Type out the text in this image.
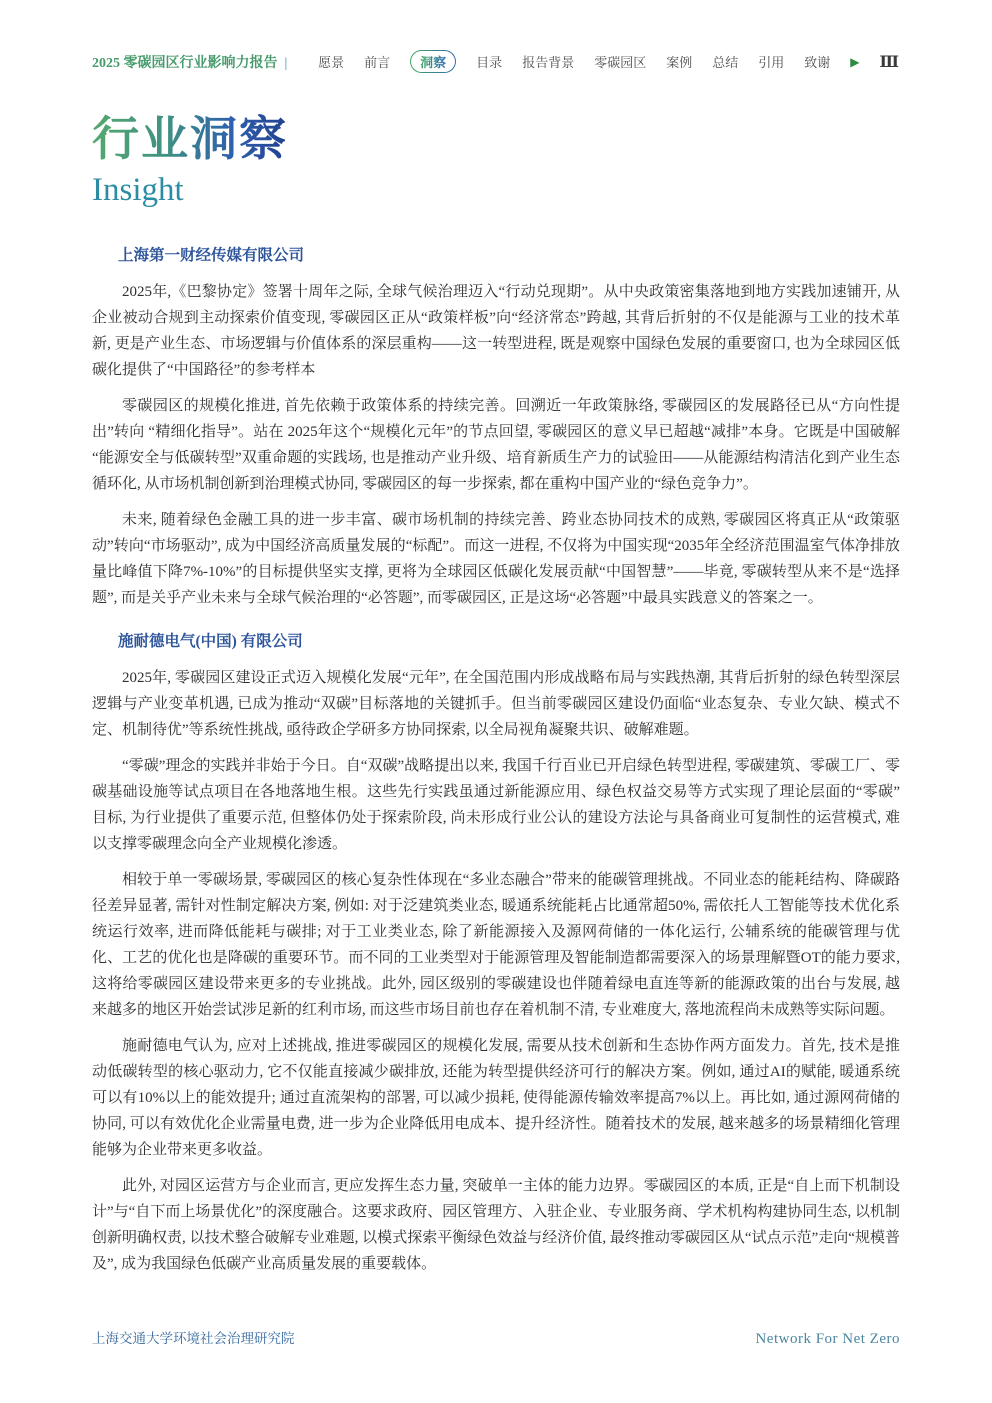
2025 零碳园区行业影响力报告 | 愿景 前言	洞察	目录 报告背景 零碳园区 案例 总结 引用 致谢 ▶ Ⅲ
行业洞察
Insight
上海第一财经传媒有限公司

2025年,《巴黎协定》签署十周年之际, 全球气候治理迈入“行动兑现期”。从中央政策密集落地到地方实践加速铺开, 从企业被动合规到主动探索价值变现, 零碳园区正从“政策样板”向“经济常态”跨越, 其背后折射的不仅是能源与工业的技术革新, 更是产业生态、市场逻辑与价值体系的深层重构——这一转型进程, 既是观察中国绿色发展的重要窗口, 也为全球园区低碳化提供了“中国路径”的参考样本

零碳园区的规模化推进, 首先依赖于政策体系的持续完善。回溯近一年政策脉络, 零碳园区的发展路径已从“方向性提出”转向 “精细化指导”。站在 2025年这个“规模化元年”的节点回望, 零碳园区的意义早已超越“减排”本身。它既是中国破解“能源安全与低碳转型”双重命题的实践场, 也是推动产业升级、培育新质生产力的试验田——从能源结构清洁化到产业生态循环化, 从市场机制创新到治理模式协同, 零碳园区的每一步探索, 都在重构中国产业的“绿色竞争力”。

未来, 随着绿色金融工具的进一步丰富、碳市场机制的持续完善、跨业态协同技术的成熟, 零碳园区将真正从“政策驱动”转向“市场驱动”, 成为中国经济高质量发展的“标配”。而这一进程, 不仅将为中国实现“2035年全经济范围温室气体净排放量比峰值下降7%-10%”的目标提供坚实支撑, 更将为全球园区低碳化发展贡献“中国智慧”——毕竟, 零碳转型从来不是“选择题”, 而是关乎产业未来与全球气候治理的“必答题”, 而零碳园区, 正是这场“必答题”中最具实践意义的答案之一。

施耐德电气(中国) 有限公司

2025年, 零碳园区建设正式迈入规模化发展“元年”, 在全国范围内形成战略布局与实践热潮, 其背后折射的绿色转型深层逻辑与产业变革机遇, 已成为推动“双碳”目标落地的关键抓手。但当前零碳园区建设仍面临“业态复杂、专业欠缺、模式不定、机制待优”等系统性挑战, 亟待政企学研多方协同探索, 以全局视角凝聚共识、破解难题。

“零碳”理念的实践并非始于今日。自“双碳”战略提出以来, 我国千行百业已开启绿色转型进程, 零碳建筑、零碳工厂、零碳基础设施等试点项目在各地落地生根。这些先行实践虽通过新能源应用、绿色权益交易等方式实现了理论层面的“零碳”目标, 为行业提供了重要示范, 但整体仍处于探索阶段, 尚未形成行业公认的建设方法论与具备商业可复制性的运营模式, 难以支撑零碳理念向全产业规模化渗透。

相较于单一零碳场景, 零碳园区的核心复杂性体现在“多业态融合”带来的能碳管理挑战。不同业态的能耗结构、降碳路径差异显著, 需针对性制定解决方案, 例如: 对于泛建筑类业态, 暖通系统能耗占比通常超50%, 需依托人工智能等技术优化系统运行效率, 进而降低能耗与碳排; 对于工业类业态, 除了新能源接入及源网荷储的一体化运行, 公辅系统的能碳管理与优化、工艺的优化也是降碳的重要环节。而不同的工业类型对于能源管理及智能制造都需要深入的场景理解暨OT的能力要求, 这将给零碳园区建设带来更多的专业挑战。此外, 园区级别的零碳建设也伴随着绿电直连等新的能源政策的出台与发展, 越来越多的地区开始尝试涉足新的红利市场, 而这些市场目前也存在着机制不清, 专业难度大, 落地流程尚未成熟等实际问题。

施耐德电气认为, 应对上述挑战, 推进零碳园区的规模化发展, 需要从技术创新和生态协作两方面发力。首先, 技术是推动低碳转型的核心驱动力, 它不仅能直接减少碳排放, 还能为转型提供经济可行的解决方案。例如, 通过AI的赋能, 暖通系统可以有10%以上的能效提升; 通过直流架构的部署, 可以减少损耗, 使得能源传输效率提高7%以上。再比如, 通过源网荷储的协同, 可以有效优化企业需量电费, 进一步为企业降低用电成本、提升经济性。随着技术的发展, 越来越多的场景精细化管理能够为企业带来更多收益。

此外, 对园区运营方与企业而言, 更应发挥生态力量, 突破单一主体的能力边界。零碳园区的本质, 正是“自上而下机制设计”与“自下而上场景优化”的深度融合。这要求政府、园区管理方、入驻企业、专业服务商、学术机构构建协同生态, 以机制创新明确权责, 以技术整合破解专业难题, 以模式探索平衡绿色效益与经济价值, 最终推动零碳园区从“试点示范”走向“规模普及”, 成为我国绿色低碳产业高质量发展的重要载体。

上海交通大学环境社会治理研究院	Network For Net Zero
